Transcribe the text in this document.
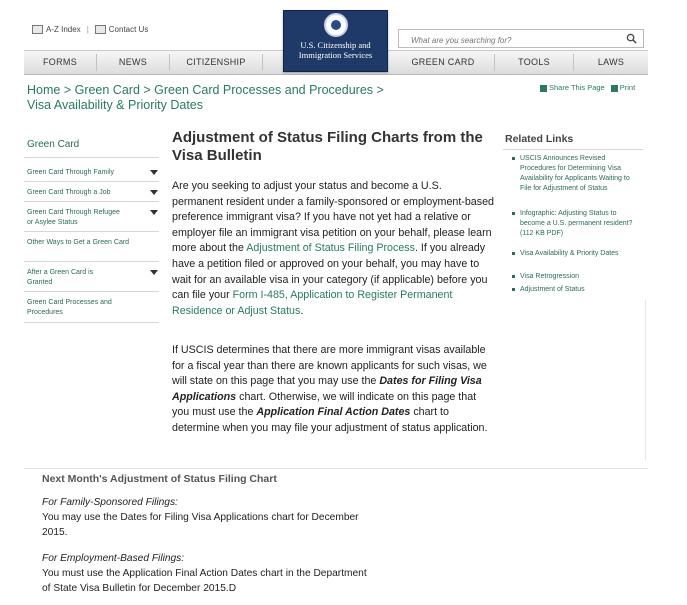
A-Z Index |	Contact Us
What are you searching for?
FORMS	NEWS	CITIZENSHIP	GREEN CARD	TOOLS	LAWS
U.S. Citizenship and
Immigration Services
Home > Green Card > Green Card Processes and Procedures >
Visa Availability & Priority Dates
Share This Page	Print
Green Card
Green Card Through Family
Green Card Through a Job
Green Card Through Refugee or Asylee Status
Other Ways to Get a Green Card
After a Green Card is Granted
Green Card Processes and Procedures
Adjustment of Status Filing Charts from the Visa Bulletin
Are you seeking to adjust your status and become a U.S. permanent resident under a family-sponsored or employment-based preference immigrant visa? If you have not yet had a relative or employer file an immigrant visa petition on your behalf, please learn more about the Adjustment of Status Filing Process. If you already have a petition filed or approved on your behalf, you may have to wait for an available visa in your category (if applicable) before you can file your Form I-485, Application to Register Permanent Residence or Adjust Status.
If USCIS determines that there are more immigrant visas available for a fiscal year than there are known applicants for such visas, we will state on this page that you may use the Dates for Filing Visa Applications chart. Otherwise, we will indicate on this page that you must use the Application Final Action Dates chart to determine when you may file your adjustment of status application.
Next Month's Adjustment of Status Filing Chart
For Family-Sponsored Filings:
You may use the Dates for Filing Visa Applications chart for December 2015.
For Employment-Based Filings:
You must use the Application Final Action Dates chart in the Department of State Visa Bulletin for December 2015.D
Related Links
USCIS Announces Revised Procedures for Determining Visa Availability for Applicants Waiting to File for Adjustment of Status
Infographic: Adjusting Status to become a U.S. permanent resident? (112 KB PDF)
Visa Availability & Priority Dates
Visa Retrogression
Adjustment of Status
